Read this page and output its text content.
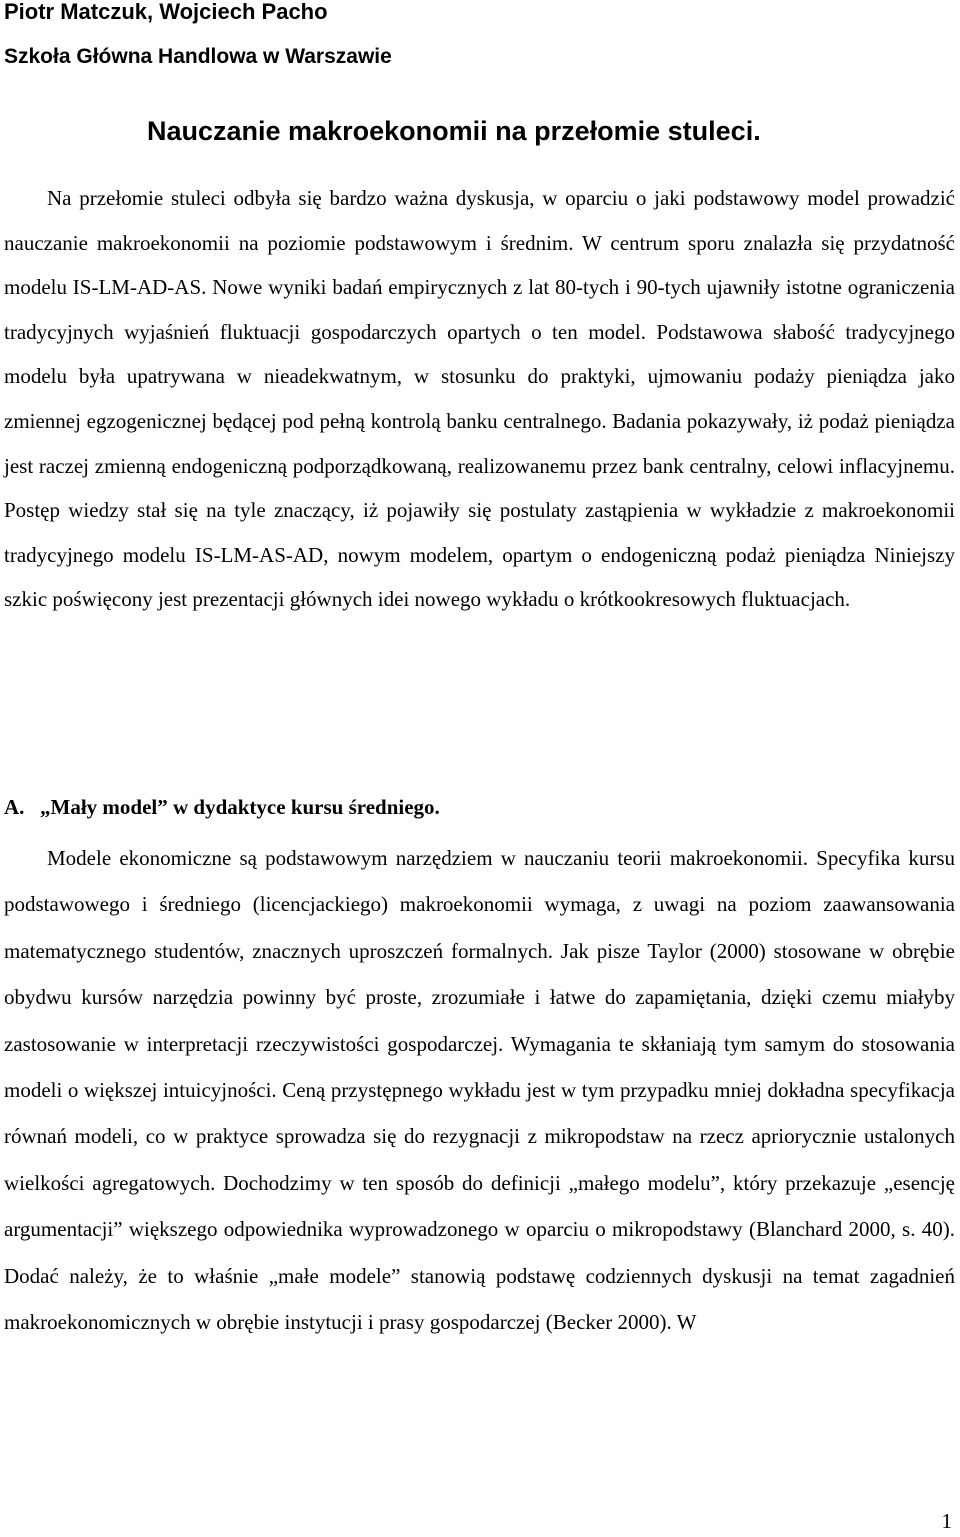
Piotr Matczuk, Wojciech Pacho
Szkoła Główna Handlowa w Warszawie
Nauczanie makroekonomii na przełomie stuleci.

Na przełomie stuleci odbyła się bardzo ważna dyskusja, w oparciu o jaki podstawowy model prowadzić nauczanie makroekonomii na poziomie podstawowym i średnim. W centrum sporu znalazła się przydatność modelu IS-LM-AD-AS. Nowe wyniki badań empirycznych z lat 80-tych i 90-tych ujawniły istotne ograniczenia tradycyjnych wyjaśnień fluktuacji gospodarczych opartych o ten model. Podstawowa słabość tradycyjnego modelu była upatrywana w nieadekwatnym, w stosunku do praktyki, ujmowaniu podaży pieniądza jako zmiennej egzogenicznej będącej pod pełną kontrolą banku centralnego. Badania pokazywały, iż podaż pieniądza jest raczej zmienną endogeniczną podporządkowaną, realizowanemu przez bank centralny, celowi inflacyjnemu. Postęp wiedzy stał się na tyle znaczący, iż pojawiły się postulaty zastąpienia w wykładzie z makroekonomii tradycyjnego modelu IS-LM-AS-AD, nowym modelem, opartym o endogeniczną podaż pieniądza Niniejszy szkic poświęcony jest prezentacji głównych idei nowego wykładu o krótkookresowych fluktuacjach.

A. „Mały model” w dydaktyce kursu średniego.

Modele ekonomiczne są podstawowym narzędziem w nauczaniu teorii makroekonomii. Specyfika kursu podstawowego i średniego (licencjackiego) makroekonomii wymaga, z uwagi na poziom zaawansowania matematycznego studentów, znacznych uproszczeń formalnych. Jak pisze Taylor (2000) stosowane w obrębie obydwu kursów narzędzia powinny być proste, zrozumiałe i łatwe do zapamiętania, dzięki czemu miałyby zastosowanie w interpretacji rzeczywistości gospodarczej. Wymagania te skłaniają tym samym do stosowania modeli o większej intuicyjności. Ceną przystępnego wykładu jest w tym przypadku mniej dokładna specyfikacja równań modeli, co w praktyce sprowadza się do rezygnacji z mikropodstaw na rzecz apriorycznie ustalonych wielkości agregatowych. Dochodzimy w ten sposób do definicji „małego modelu”, który przekazuje „esencję argumentacji” większego odpowiednika wyprowadzonego w oparciu o mikropodstawy (Blanchard 2000, s. 40). Dodać należy, że to właśnie „małe modele” stanowią podstawę codziennych dyskusji na temat zagadnień makroekonomicznych w obrębie instytucji i prasy gospodarczej (Becker 2000). W

1
